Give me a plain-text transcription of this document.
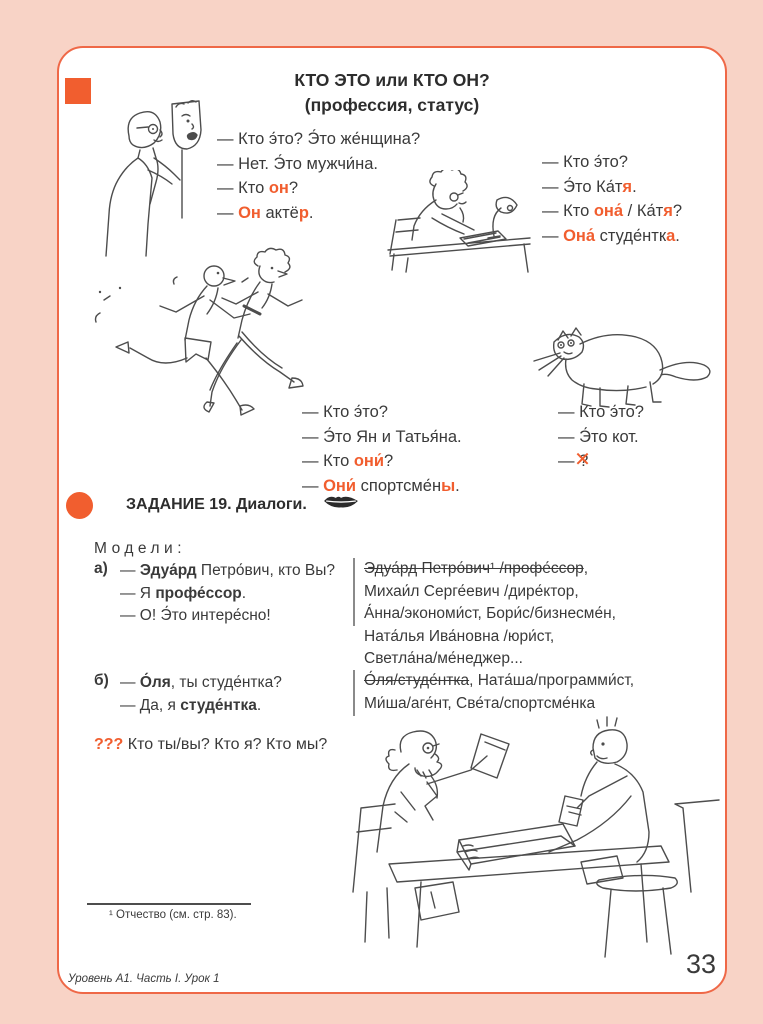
КТО ЭТО или КТО ОН?
(профессия, статус)
— Кто э́то? Э́то же́нщина?
— Нет. Э́то мужчи́на.
— Кто он?
— Он актёр.
— Кто э́то?
— Э́то Ка́тя.
— Кто она́ / Ка́тя?
— Она́ студе́нтка.
— Кто э́то?
— Э́то Ян и Татья́на.
— Кто они́?
— Они́ спортсме́ны.
— Кто э́то?
— Э́то кот.
— ? ✕
ЗАДАНИЕ 19. Диалоги.
Модели:
а) — Эдуа́рд Петро́вич, кто Вы?
— Я профе́ссор.
— О! Э́то интере́сно!
Эдуа́рд Петро́вич¹ /профе́ссор,
Михаи́л Серге́евич /дире́ктор,
А́нна/экономи́ст, Бори́с/бизнесме́н,
Ната́лья Ива́новна /юри́ст,
Светла́на/ме́неджер...
б) — О́ля, ты студе́нтка?
— Да, я студе́нтка.
О́ля/студе́нтка, Ната́ша/программи́ст,
Ми́ша/аге́нт, Све́та/спортсме́нка
??? Кто ты/вы? Кто я? Кто мы?
¹ Отчество (см. стр. 83).
Уровень А1. Часть I. Урок 1	33
